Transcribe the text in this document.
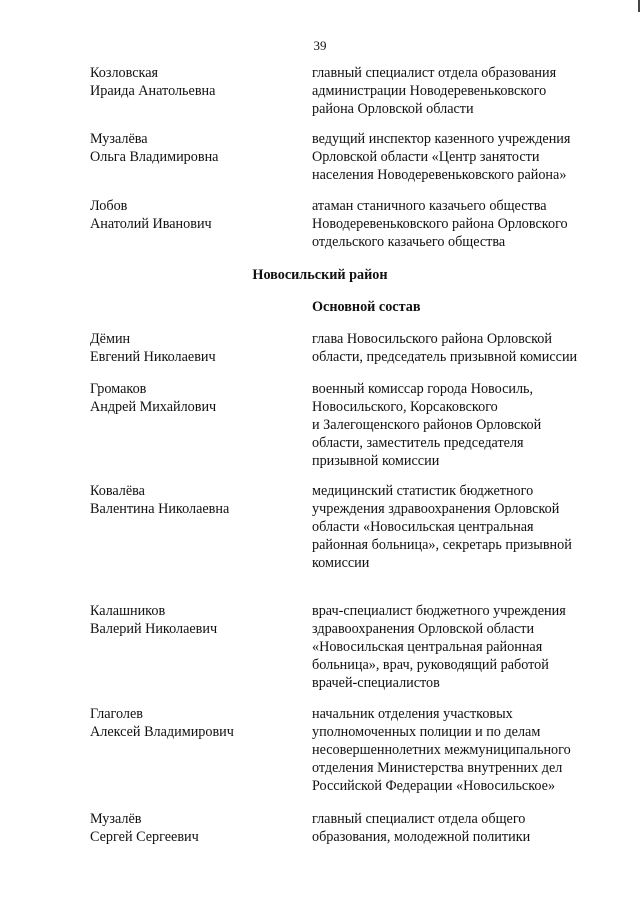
39
Козловская
Ираида Анатольевна
главный специалист отдела образования
администрации Новодеревеньковского
района Орловской области
Музалёва
Ольга Владимировна
ведущий инспектор казенного учреждения
Орловской области «Центр занятости
населения Новодеревеньковского района»
Лобов
Анатолий Иванович
атаман станичного казачьего общества
Новодеревеньковского района Орловского
отдельского казачьего общества
Новосильский район
Основной состав
Дёмин
Евгений Николаевич
глава Новосильского района Орловской
области, председатель призывной комиссии
Громаков
Андрей Михайлович
военный комиссар города Новосиль,
Новосильского, Корсаковского
и Залегощенского районов Орловской
области, заместитель председателя
призывной комиссии
Ковалёва
Валентина Николаевна
медицинский статистик бюджетного
учреждения здравоохранения Орловской
области «Новосильская центральная
районная больница», секретарь призывной
комиссии
Калашников
Валерий Николаевич
врач-специалист бюджетного учреждения
здравоохранения Орловской области
«Новосильская центральная районная
больница», врач, руководящий работой
врачей-специалистов
Глаголев
Алексей Владимирович
начальник отделения участковых
уполномоченных полиции и по делам
несовершеннолетних межмуниципального
отделения Министерства внутренних дел
Российской Федерации «Новосильское»
Музалёв
Сергей Сергеевич
главный специалист отдела общего
образования, молодежной политики
